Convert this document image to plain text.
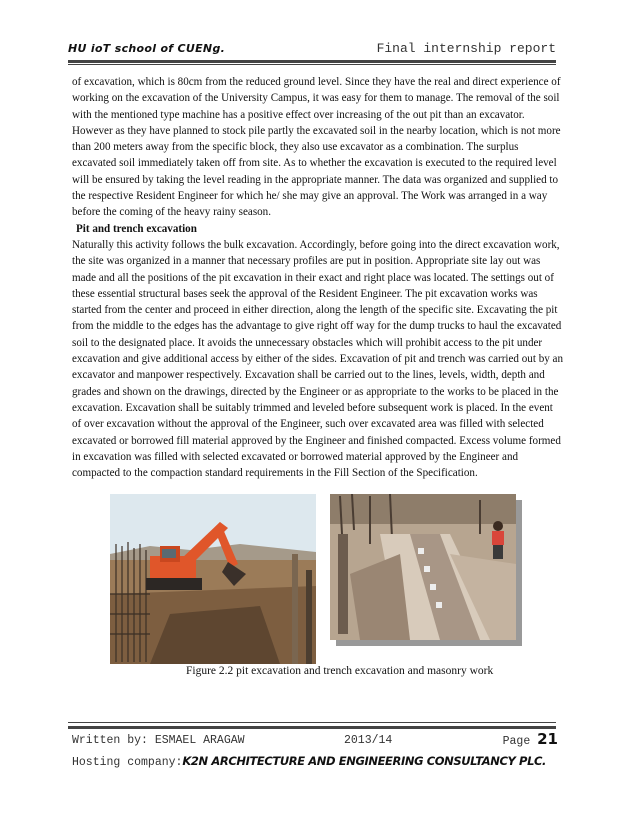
HU ioT school of CUENg.	Final internship report

of excavation, which is 80cm from the reduced ground level. Since they have the real and direct experience of working on the excavation of the University Campus, it was easy for them to manage. The removal of the soil with the mentioned type machine has a positive effect over increasing of the out pit than an excavator. However as they have planned to stock pile partly the excavated soil in the nearby location, which is not more than 200 meters away from the specific block, they also use excavator as a combination. The surplus excavated soil immediately taken off from site. As to whether the excavation is executed to the required level will be ensured by taking the level reading in the appropriate manner. The data was organized and supplied to the respective Resident Engineer for which he/ she may give an approval. The Work was arranged in a way before the coming of the heavy rainy season.

Pit and trench excavation

Naturally this activity follows the bulk excavation. Accordingly, before going into the direct excavation work, the site was organized in a manner that necessary profiles are put in position. Appropriate site lay out was made and all the positions of the pit excavation in their exact and right place was located. The settings out of these essential structural bases seek the approval of the Resident Engineer. The pit excavation works was started from the center and proceed in either direction, along the length of the specific site. Excavating the pit from the middle to the edges has the advantage to give right off way for the dump trucks to haul the excavated soil to the designated place. It avoids the unnecessary obstacles which will prohibit access to the pit under excavation and give additional access by either of the sides. Excavation of pit and trench was carried out by an excavator and manpower respectively. Excavation shall be carried out to the lines, levels, width, depth and grades and shown on the drawings, directed by the Engineer or as appropriate to the works to be placed in the excavation. Excavation shall be suitably trimmed and leveled before subsequent work is placed. In the event of over excavation without the approval of the Engineer, such over excavated area was filled with selected excavated or borrowed fill material approved by the Engineer and finished compacted. Excess volume formed in excavation was filled with selected excavated or borrowed material approved by the Engineer and compacted to the compaction standard requirements in the Fill Section of the Specification.

Figure 2.2 pit excavation and trench excavation and masonry work
Written by: ESMAEL ARAGAW	2013/14	Page 21
Hosting company:K2N ARCHITECTURE AND ENGINEERING CONSULTANCY PLC.
